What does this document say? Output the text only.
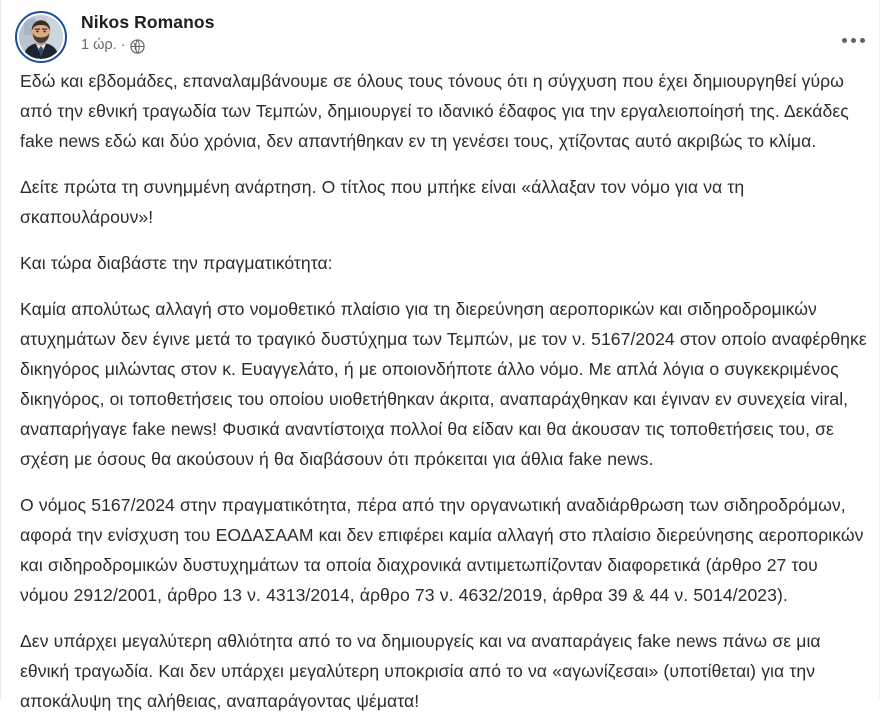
Nikos Romanos
1 ώρ. ·

Εδώ και εβδομάδες, επαναλαμβάνουμε σε όλους τους τόνους ότι η σύγχυση που έχει δημιουργηθεί γύρω από την εθνική τραγωδία των Τεμπών, δημιουργεί το ιδανικό έδαφος για την εργαλειοποίησή της. Δεκάδες fake news εδώ και δύο χρόνια, δεν απαντήθηκαν εν τη γενέσει τους, χτίζοντας αυτό ακριβώς το κλίμα.

Δείτε πρώτα τη συνημμένη ανάρτηση. Ο τίτλος που μπήκε είναι «άλλαξαν τον νόμο για να τη σκαπουλάρουν»!

Και τώρα διαβάστε την πραγματικότητα:

Καμία απολύτως αλλαγή στο νομοθετικό πλαίσιο για τη διερεύνηση αεροπορικών και σιδηροδρομικών ατυχημάτων δεν έγινε μετά το τραγικό δυστύχημα των Τεμπών, με τον ν. 5167/2024 στον οποίο αναφέρθηκε δικηγόρος μιλώντας στον κ. Ευαγγελάτο, ή με οποιονδήποτε άλλο νόμο. Με απλά λόγια ο συγκεκριμένος δικηγόρος, οι τοποθετήσεις του οποίου υιοθετήθηκαν άκριτα, αναπαράχθηκαν και έγιναν εν συνεχεία viral, αναπαρήγαγε fake news! Φυσικά αναντίστοιχα πολλοί θα είδαν και θα άκουσαν τις τοποθετήσεις του, σε σχέση με όσους θα ακούσουν ή θα διαβάσουν ότι πρόκειται για άθλια fake news.

Ο νόμος 5167/2024 στην πραγματικότητα, πέρα από την οργανωτική αναδιάρθρωση των σιδηροδρόμων, αφορά την ενίσχυση του ΕΟΔΑΣΑΑΜ και δεν επιφέρει καμία αλλαγή στο πλαίσιο διερεύνησης αεροπορικών και σιδηροδρομικών δυστυχημάτων τα οποία διαχρονικά αντιμετωπίζονταν διαφορετικά (άρθρο 27 του νόμου 2912/2001, άρθρο 13 ν. 4313/2014, άρθρο 73 ν. 4632/2019, άρθρα 39 & 44 ν. 5014/2023).

Δεν υπάρχει μεγαλύτερη αθλιότητα από το να δημιουργείς και να αναπαράγεις fake news πάνω σε μια εθνική τραγωδία. Και δεν υπάρχει μεγαλύτερη υποκρισία από το να «αγωνίζεσαι» (υποτίθεται) για την αποκάλυψη της αλήθειας, αναπαράγοντας ψέματα!
